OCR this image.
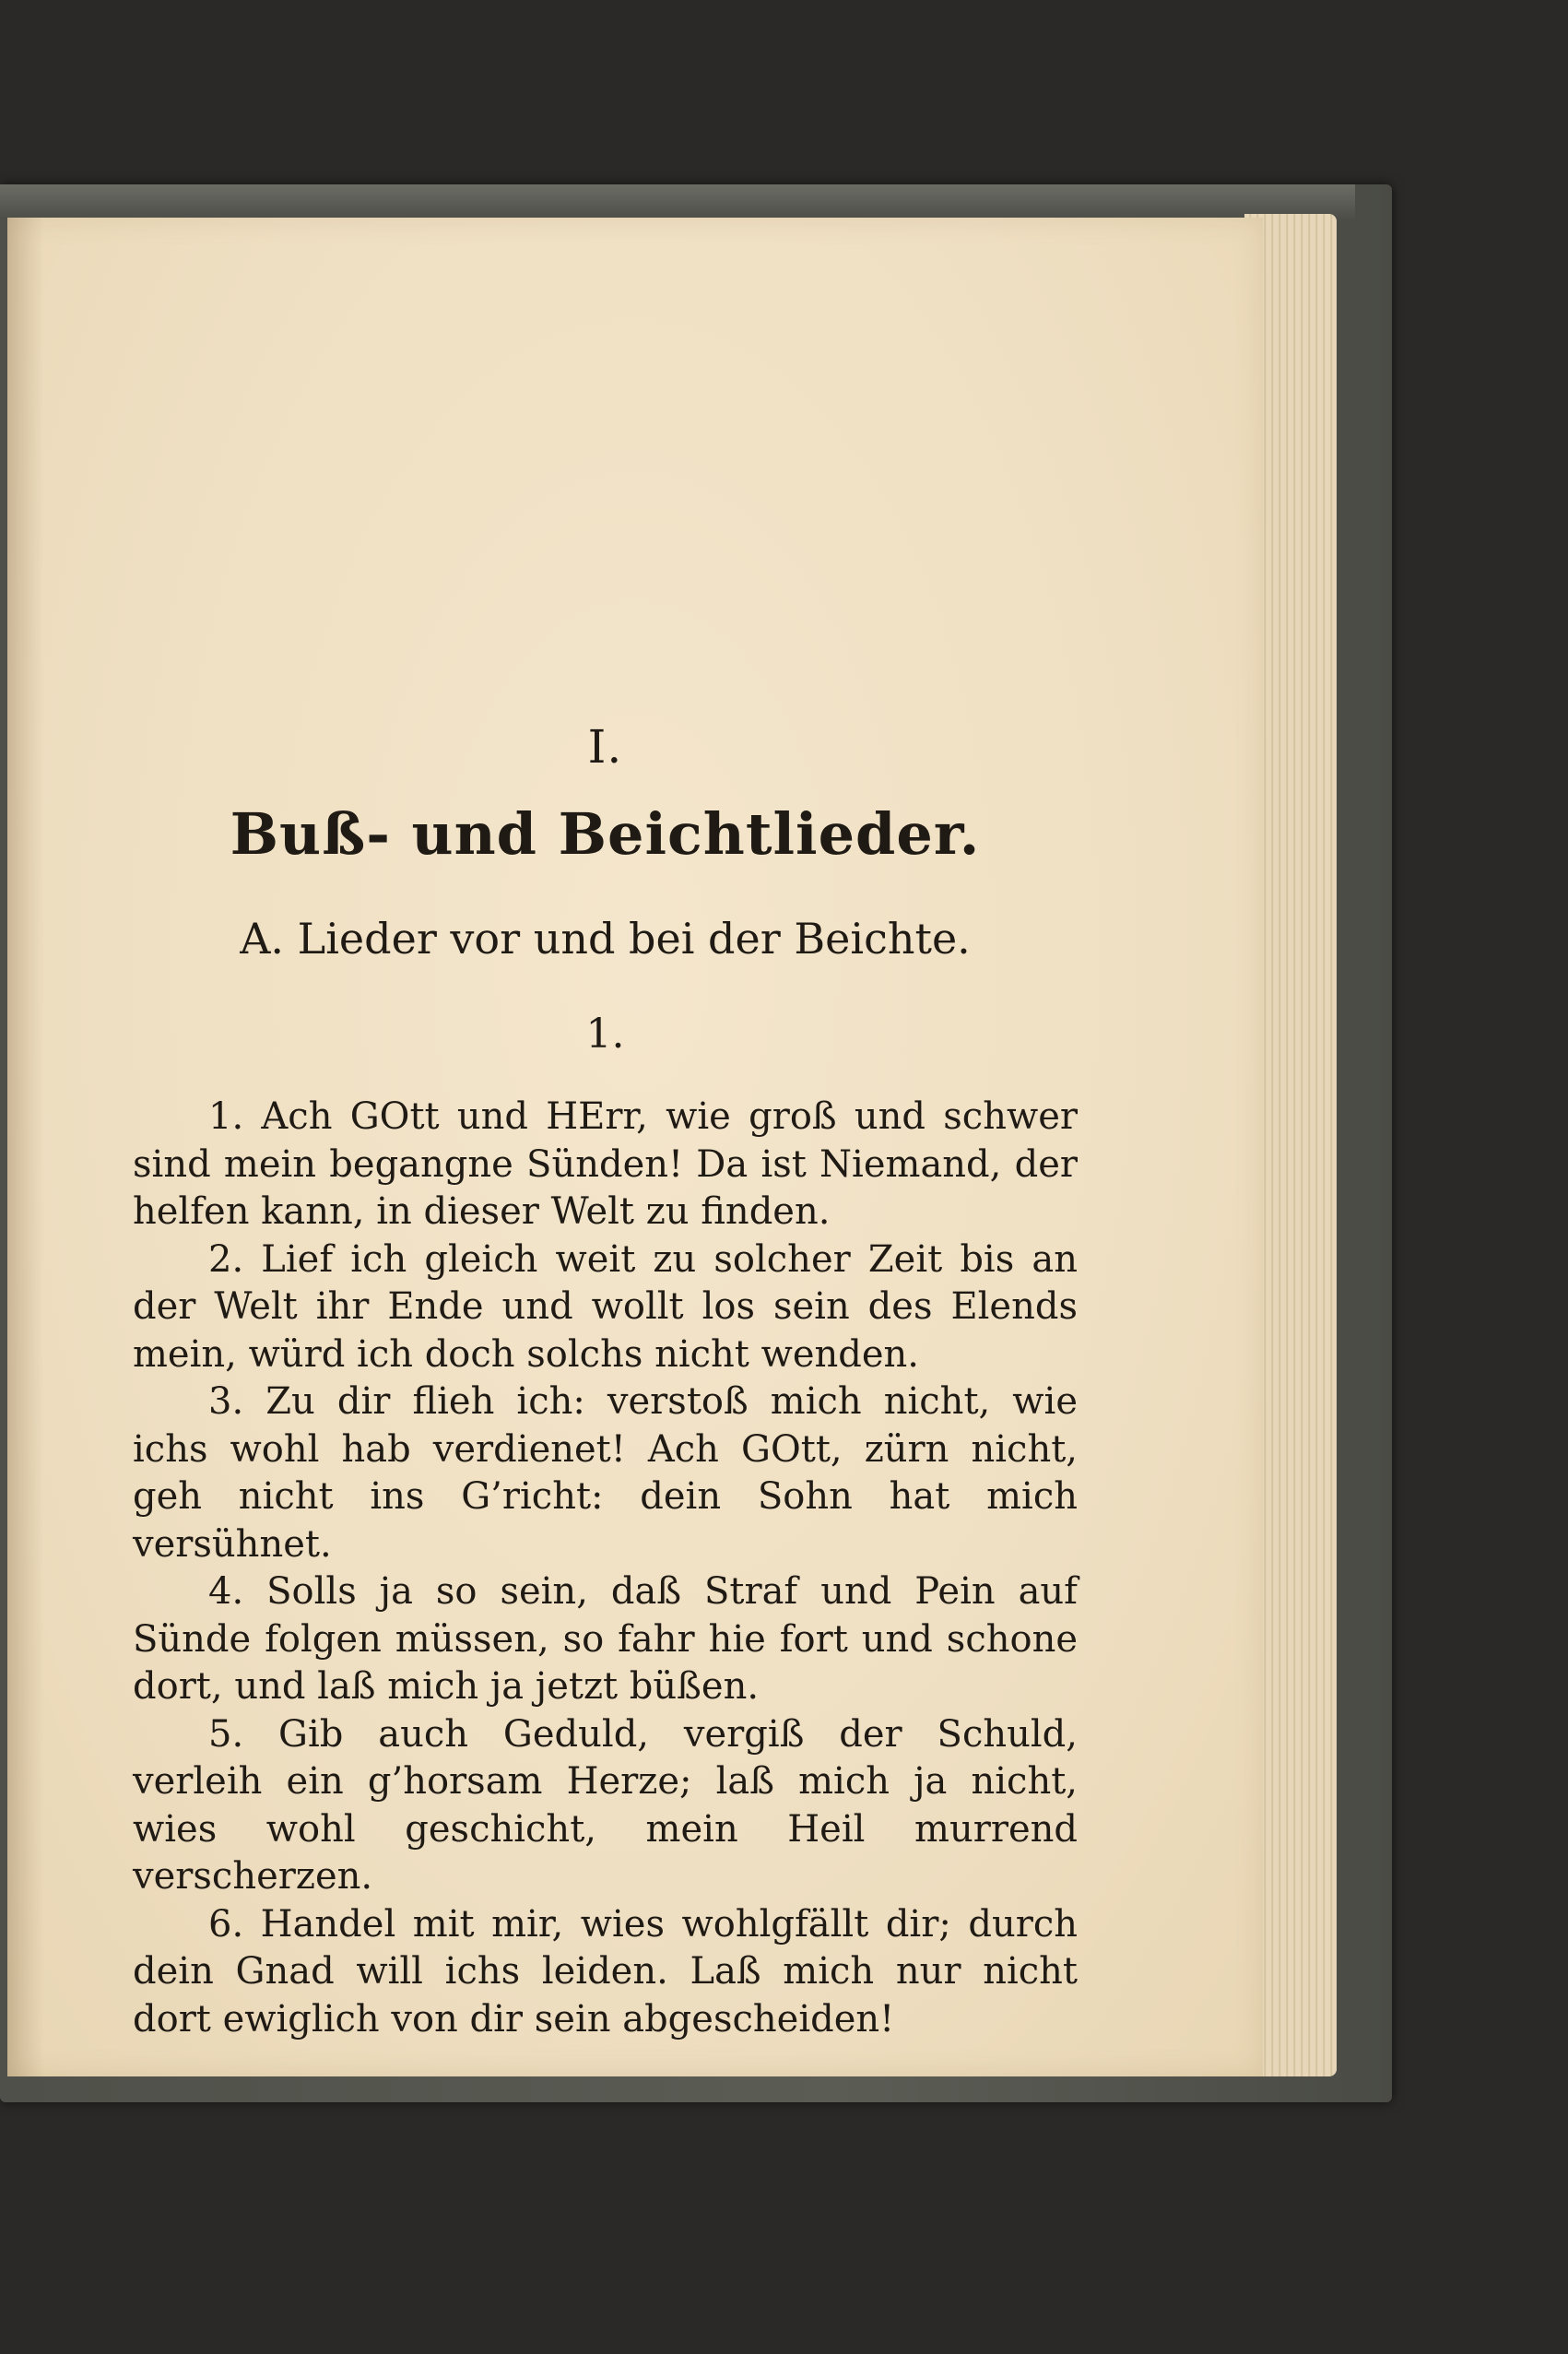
I.
Buß- und Beichtlieder.
A. Lieder vor und bei der Beichte.
1.

1. Ach GOtt und HErr, wie groß und schwer sind mein begangne Sünden! Da ist Niemand, der helfen kann, in dieser Welt zu finden.

2. Lief ich gleich weit zu solcher Zeit bis an der Welt ihr Ende und wollt los sein des Elends mein, würd ich doch solchs nicht wenden.

3. Zu dir flieh ich: verstoß mich nicht, wie ichs wohl hab verdienet! Ach GOtt, zürn nicht, geh nicht ins G’richt: dein Sohn hat mich versühnet.

4. Solls ja so sein, daß Straf und Pein auf Sünde folgen müssen, so fahr hie fort und schone dort, und laß mich ja jetzt büßen.

5. Gib auch Geduld, vergiß der Schuld, verleih ein g’horsam Herze; laß mich ja nicht, wies wohl geschicht, mein Heil murrend verscherzen.

6. Handel mit mir, wies wohlgfällt dir; durch dein Gnad will ichs leiden. Laß mich nur nicht dort ewiglich von dir sein abgescheiden!
